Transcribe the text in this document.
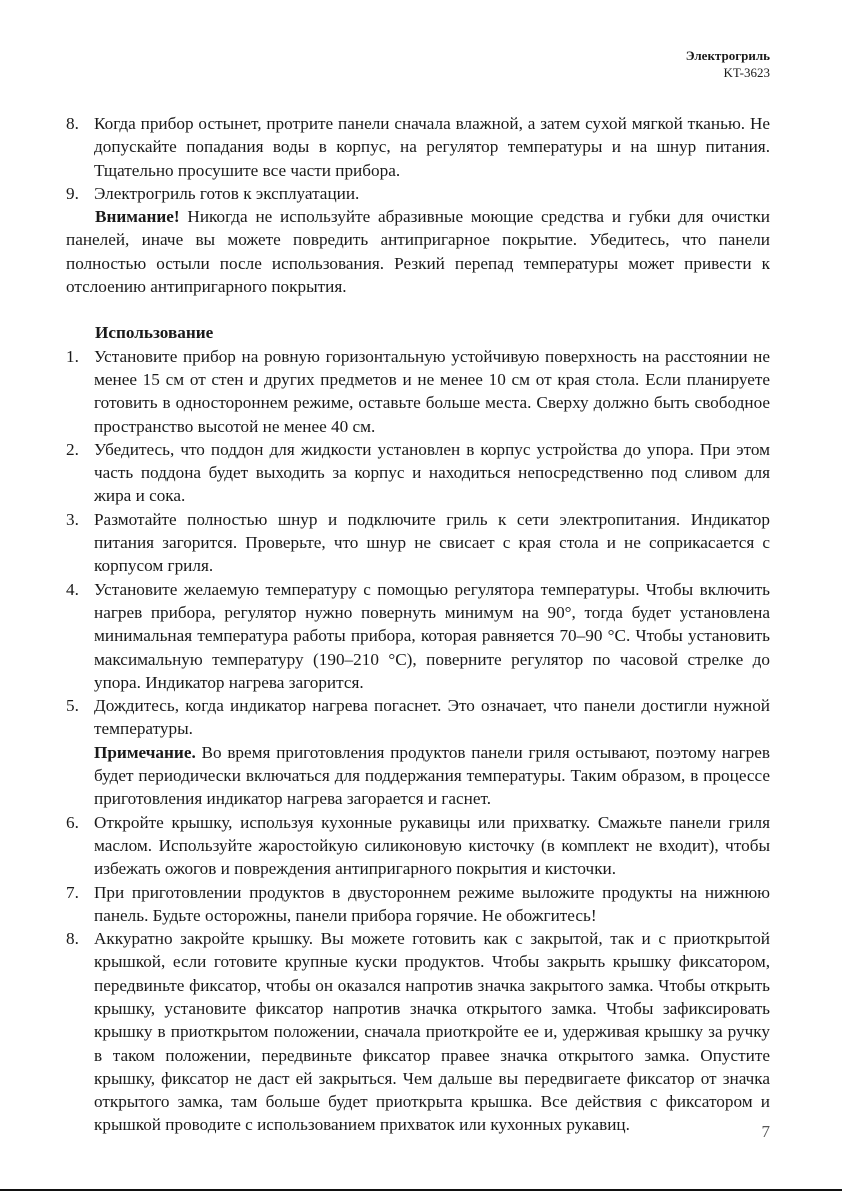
Электрогриль
KT-3623
8. Когда прибор остынет, протрите панели сначала влажной, а затем сухой мягкой тканью. Не допускайте попадания воды в корпус, на регулятор температуры и на шнур питания. Тщательно просушите все части прибора.
9. Электрогриль готов к эксплуатации.
Внимание! Никогда не используйте абразивные моющие средства и губки для очистки панелей, иначе вы можете повредить антипригарное покрытие. Убедитесь, что панели полностью остыли после использования. Резкий перепад температуры может привести к отслоению антипригарного покрытия.
Использование
1. Установите прибор на ровную горизонтальную устойчивую поверхность на расстоянии не менее 15 см от стен и других предметов и не менее 10 см от края стола. Если планируете готовить в одностороннем режиме, оставьте больше места. Сверху должно быть свободное пространство высотой не менее 40 см.
2. Убедитесь, что поддон для жидкости установлен в корпус устройства до упора. При этом часть поддона будет выходить за корпус и находиться непосредственно под сливом для жира и сока.
3. Размотайте полностью шнур и подключите гриль к сети электропитания. Индикатор питания загорится. Проверьте, что шнур не свисает с края стола и не соприкасается с корпусом гриля.
4. Установите желаемую температуру с помощью регулятора температуры. Чтобы включить нагрев прибора, регулятор нужно повернуть минимум на 90°, тогда будет установлена минимальная температура работы прибора, которая равняется 70–90 °C. Чтобы установить максимальную температуру (190–210 °C), поверните регулятор по часовой стрелке до упора. Индикатор нагрева загорится.
5. Дождитесь, когда индикатор нагрева погаснет. Это означает, что панели достигли нужной температуры.
Примечание. Во время приготовления продуктов панели гриля остывают, поэтому нагрев будет периодически включаться для поддержания температуры. Таким образом, в процессе приготовления индикатор нагрева загорается и гаснет.
6. Откройте крышку, используя кухонные рукавицы или прихватку. Смажьте панели гриля маслом. Используйте жаростойкую силиконовую кисточку (в комплект не входит), чтобы избежать ожогов и повреждения антипригарного покрытия и кисточки.
7. При приготовлении продуктов в двустороннем режиме выложите продукты на нижнюю панель. Будьте осторожны, панели прибора горячие. Не обожгитесь!
8. Аккуратно закройте крышку. Вы можете готовить как с закрытой, так и с приоткрытой крышкой, если готовите крупные куски продуктов. Чтобы закрыть крышку фиксатором, передвиньте фиксатор, чтобы он оказался напротив значка закрытого замка. Чтобы открыть крышку, установите фиксатор напротив значка открытого замка. Чтобы зафиксировать крышку в приоткрытом положении, сначала приоткройте ее и, удерживая крышку за ручку в таком положении, передвиньте фиксатор правее значка открытого замка. Опустите крышку, фиксатор не даст ей закрыться. Чем дальше вы передвигаете фиксатор от значка открытого замка, там больше будет приоткрыта крышка. Все действия с фиксатором и крышкой проводите с использованием прихваток или кухонных рукавиц.	7
